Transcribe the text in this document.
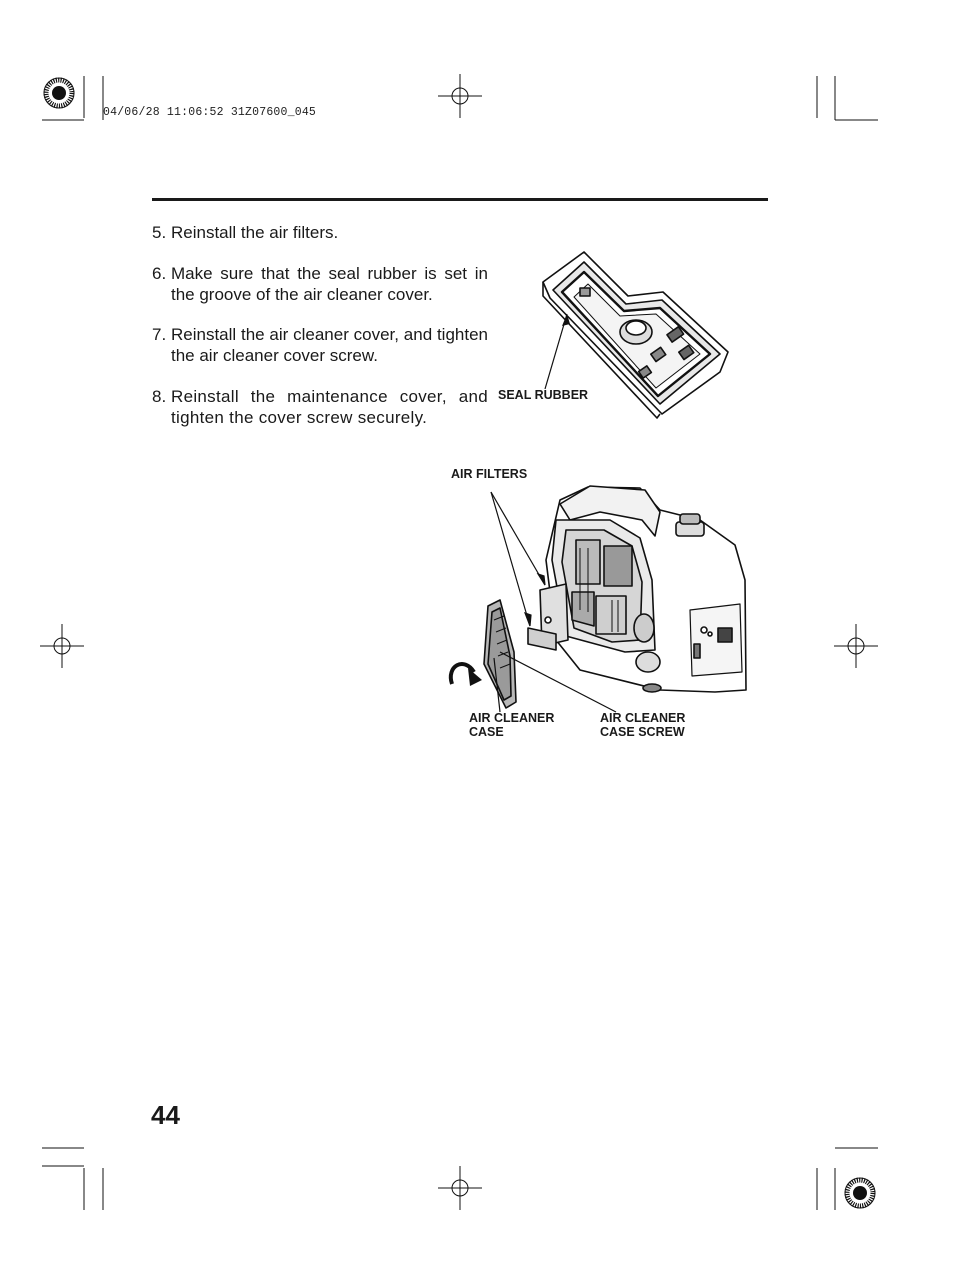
04/06/28 11:06:52 31Z07600_045
5. Reinstall the air filters.
6. Make sure that the seal rubber is set in the groove of the air cleaner cover.
7. Reinstall the air cleaner cover, and tighten the air cleaner cover screw.
8. Reinstall the maintenance cover, and tighten the cover screw securely.
SEAL RUBBER
AIR FILTERS
AIR CLEANER
CASE
AIR CLEANER
CASE SCREW
44
